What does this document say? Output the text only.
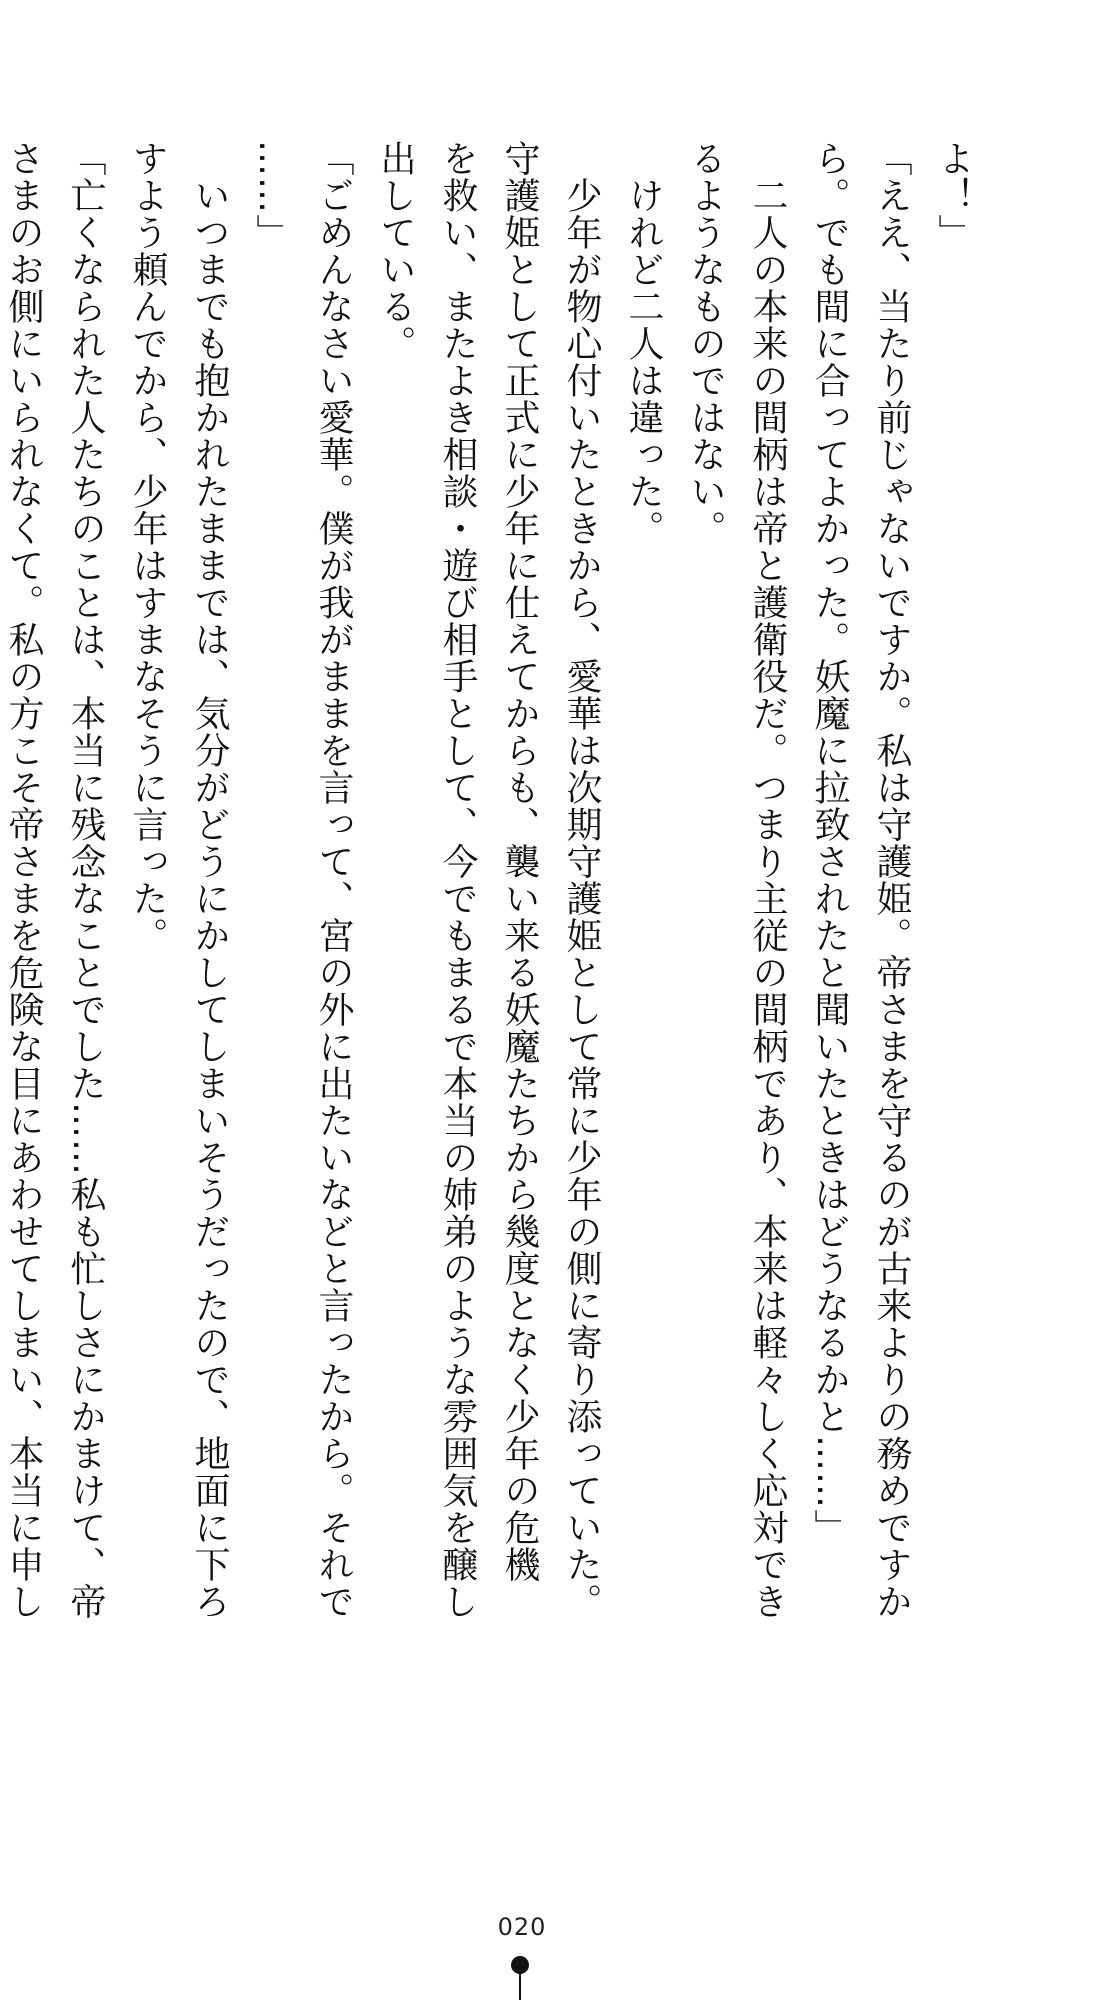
よ！」
「ええ、当たり前じゃないですか。私は守護姫。帝さまを守るのが古来よりの務めですか
ら。でも間に合ってよかった。妖魔に拉致されたと聞いたときはどうなるかと……」
　二人の本来の間柄は帝と護衛役だ。つまり主従の間柄であり、本来は軽々しく応対でき
るようなものではない。
　けれど二人は違った。
　少年が物心付いたときから、愛華は次期守護姫として常に少年の側に寄り添っていた。
守護姫として正式に少年に仕えてからも、襲い来る妖魔たちから幾度となく少年の危機
を救い、またよき相談・遊び相手として、今でもまるで本当の姉弟のような雰囲気を醸し
出している。
「ごめんなさい愛華。僕が我がままを言って、宮の外に出たいなどと言ったから。それで
……」
　いつまでも抱かれたままでは、気分がどうにかしてしまいそうだったので、地面に下ろ
すよう頼んでから、少年はすまなそうに言った。
「亡くなられた人たちのことは、本当に残念なことでした……私も忙しさにかまけて、帝
さまのお側にいられなくて。私の方こそ帝さまを危険な目にあわせてしまい、本当に申し
020
